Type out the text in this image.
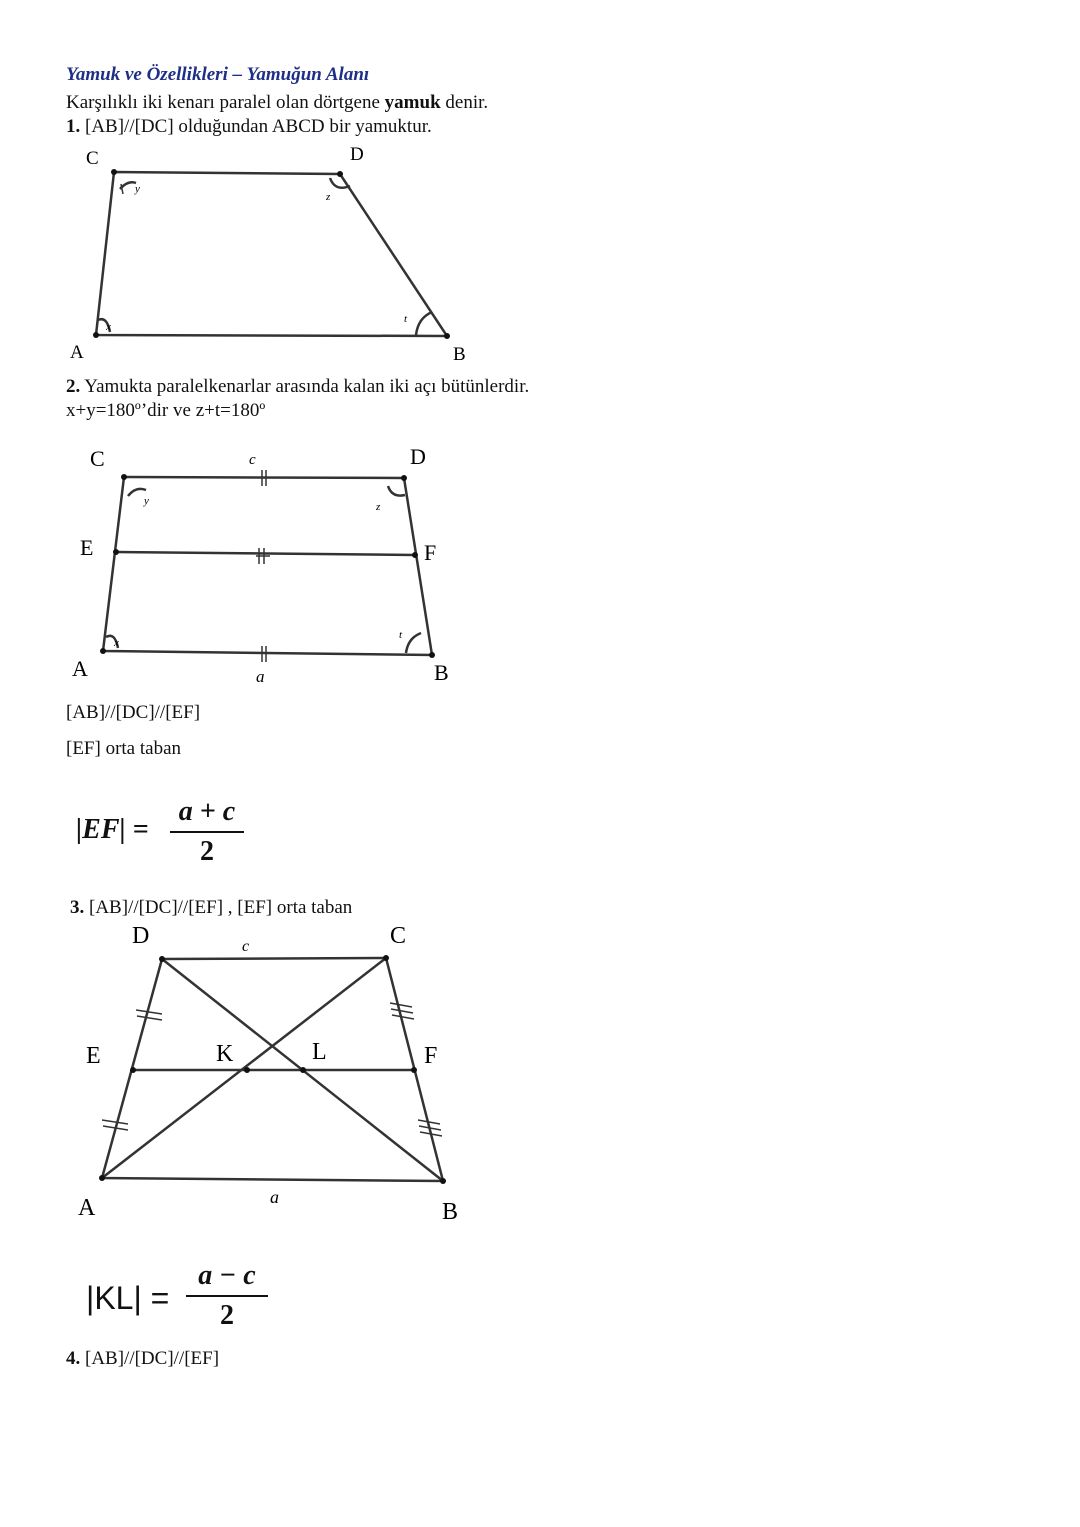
Yamuk ve Özellikleri – Yamuğun Alanı
Karşılıklı iki kenarı paralel olan dörtgene yamuk denir.
1. [AB]//[DC] olduğundan ABCD bir yamuktur.
C	D
A	B
y
z
x
t
2. Yamukta paralelkenarlar arasında kalan iki açı bütünlerdir.
x+y=180º’dir ve z+t=180º
C	D
E	F
A	B
c
a
y	z
x
t
[AB]//[DC]//[EF]
[EF] orta taban
|EF| =
a + c
2
3. [AB]//[DC]//[EF] , [EF] orta taban
D	C
E	F
K	L
A	B
c
a
|KL| =
a − c
2
4. [AB]//[DC]//[EF]
